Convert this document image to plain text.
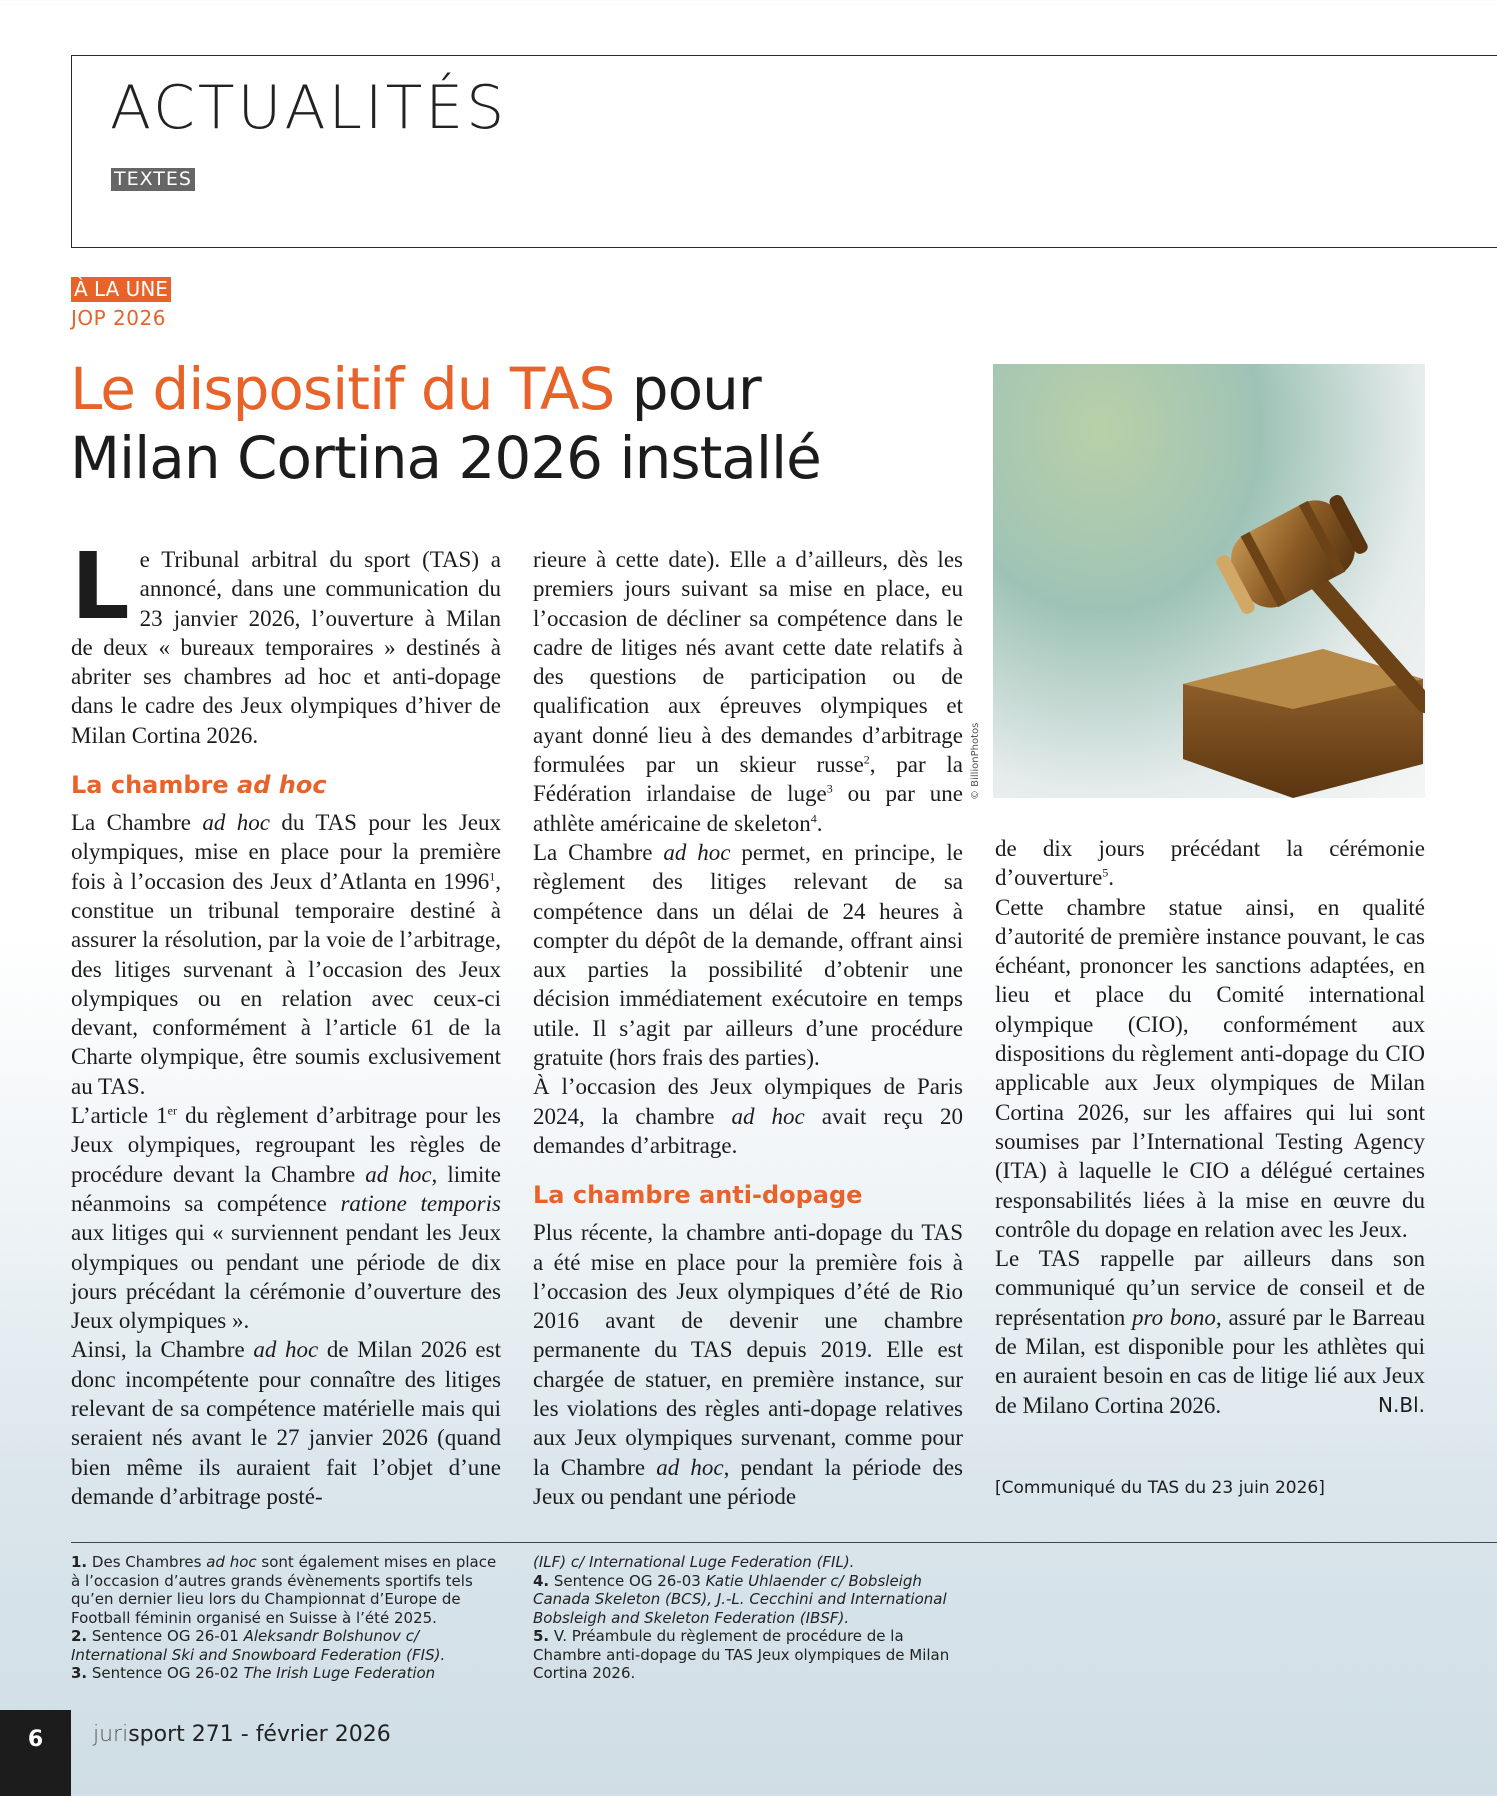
ACTUALITÉS
TEXTES
À LA UNE
JOP 2026
Le dispositif du TAS pour
Milan Cortina 2026 installé
© BillionPhotos

Le Tribunal arbitral du sport (TAS) a annoncé, dans une communication du 23 janvier 2026, l’ouverture à Milan de deux « bureaux temporaires » destinés à abriter ses chambres ad hoc et anti-dopage dans le cadre des Jeux olympiques d’hiver de Milan Cortina 2026.

La chambre ad hoc

La Chambre ad hoc du TAS pour les Jeux olympiques, mise en place pour la première fois à l’occasion des Jeux d’Atlanta en 1996$^1$, constitue un tribunal temporaire destiné à assurer la résolution, par la voie de l’arbitrage, des litiges survenant à l’occasion des Jeux olympiques ou en relation avec ceux-ci devant, conformément à l’article 61 de la Charte olympique, être soumis exclusivement au TAS.

L’article 1er du règlement d’arbitrage pour les Jeux olympiques, regroupant les règles de procédure devant la Chambre ad hoc, limite néanmoins sa compétence ratione temporis aux litiges qui « surviennent pendant les Jeux olympiques ou pendant une période de dix jours précédant la cérémonie d’ouverture des Jeux olympiques ».

Ainsi, la Chambre ad hoc de Milan 2026 est donc incompétente pour connaître des litiges relevant de sa compétence matérielle mais qui seraient nés avant le 27 janvier 2026 (quand bien même ils auraient fait l’objet d’une demande d’arbitrage posté-

rieure à cette date). Elle a d’ailleurs, dès les premiers jours suivant sa mise en place, eu l’occasion de décliner sa compétence dans le cadre de litiges nés avant cette date relatifs à des questions de participation ou de qualification aux épreuves olympiques et ayant donné lieu à des demandes d’arbitrage formulées par un skieur russe$^2$, par la Fédération irlandaise de luge$^3$ ou par une athlète américaine de skeleton$^4$.

La Chambre ad hoc permet, en principe, le règlement des litiges relevant de sa compétence dans un délai de 24 heures à compter du dépôt de la demande, offrant ainsi aux parties la possibilité d’obtenir une décision immédiatement exécutoire en temps utile. Il s’agit par ailleurs d’une procédure gratuite (hors frais des parties).

À l’occasion des Jeux olympiques de Paris 2024, la chambre ad hoc avait reçu 20 demandes d’arbitrage.

La chambre anti-dopage

Plus récente, la chambre anti-dopage du TAS a été mise en place pour la première fois à l’occasion des Jeux olympiques d’été de Rio 2016 avant de devenir une chambre permanente du TAS depuis 2019. Elle est chargée de statuer, en première instance, sur les violations des règles anti-dopage relatives aux Jeux olympiques survenant, comme pour la Chambre ad hoc, pendant la période des Jeux ou pendant une période

de dix jours précédant la cérémonie d’ouverture$^5$.

Cette chambre statue ainsi, en qualité d’autorité de première instance pouvant, le cas échéant, prononcer les sanctions adaptées, en lieu et place du Comité international olympique (CIO), conformément aux dispositions du règlement anti-dopage du CIO applicable aux Jeux olympiques de Milan Cortina 2026, sur les affaires qui lui sont soumises par l’International Testing Agency (ITA) à laquelle le CIO a délégué certaines responsabilités liées à la mise en œuvre du contrôle du dopage en relation avec les Jeux.

Le TAS rappelle par ailleurs dans son communiqué qu’un service de conseil et de représentation pro bono, assuré par le Barreau de Milan, est disponible pour les athlètes qui en auraient besoin en cas de litige lié aux Jeux de Milano Cortina 2026.	N.Bl.

[Communiqué du TAS du 23 juin 2026]

1. Des Chambres ad hoc sont également mises en place à l’occasion d’autres grands évènements sportifs tels qu’en dernier lieu lors du Championnat d’Europe de Football féminin organisé en Suisse à l’été 2025.

2. Sentence OG 26-01 Aleksandr Bolshunov c/ International Ski and Snowboard Federation (FIS).

3. Sentence OG 26-02 The Irish Luge Federation

(ILF) c/ International Luge Federation (FIL).

4. Sentence OG 26-03 Katie Uhlaender c/ Bobsleigh Canada Skeleton (BCS), J.-L. Cecchini and International Bobsleigh and Skeleton Federation (IBSF).

5. V. Préambule du règlement de procédure de la Chambre anti-dopage du TAS Jeux olympiques de Milan Cortina 2026.

6	jurisport 271 - février 2026
